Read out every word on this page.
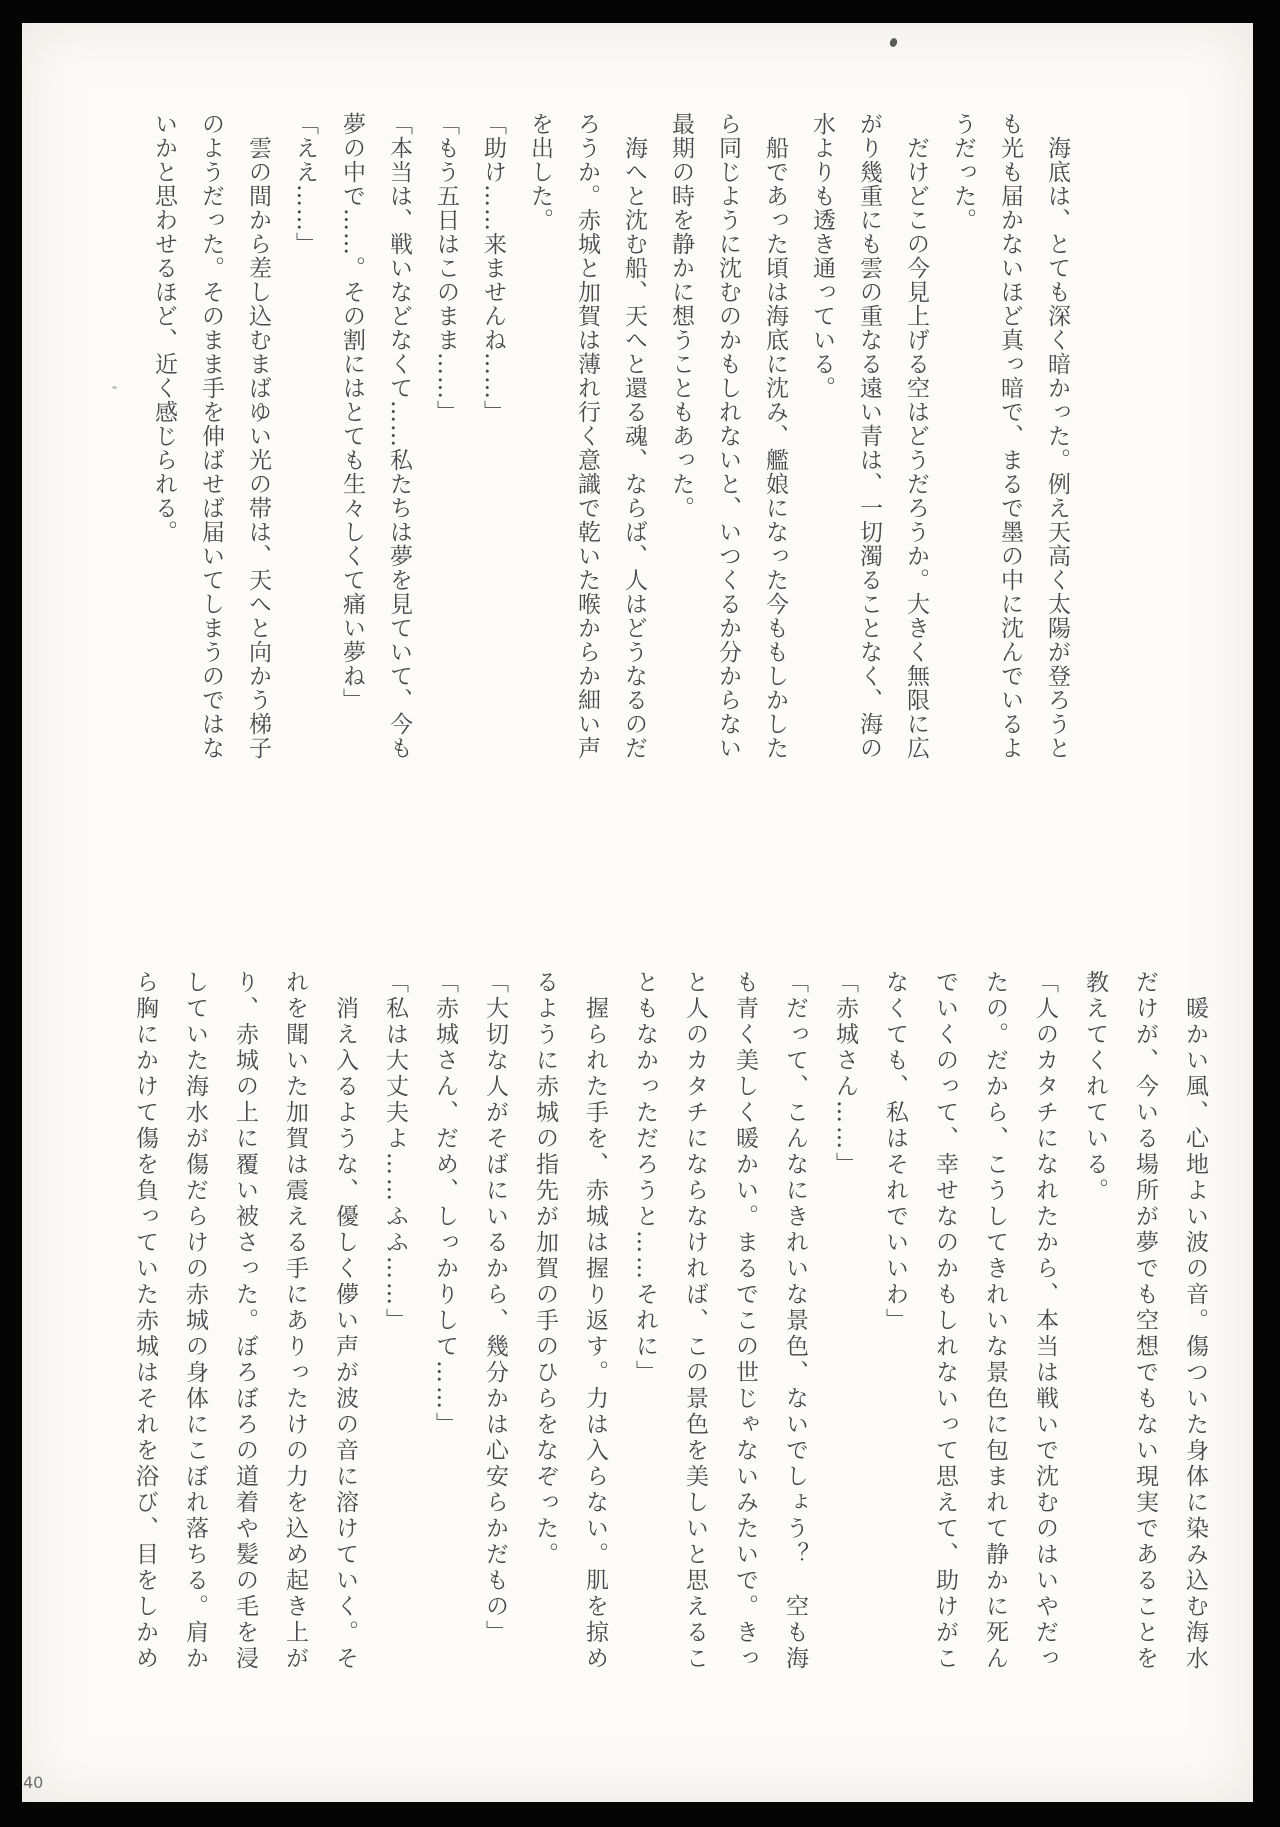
　海底は、とても深く暗かった。例え天高く太陽が登ろうと

も光も届かないほど真っ暗で、まるで墨の中に沈んでいるよ

うだった。

　だけどこの今見上げる空はどうだろうか。大きく無限に広

がり幾重にも雲の重なる遠い青は、一切濁ることなく、海の

水よりも透き通っている。

　船であった頃は海底に沈み、艦娘になった今ももしかした

ら同じように沈むのかもしれないと、いつくるか分からない

最期の時を静かに想うこともあった。

　海へと沈む船、天へと還る魂、ならば、人はどうなるのだ

ろうか。赤城と加賀は薄れ行く意識で乾いた喉からか細い声

を出した。

「助け……来ませんね……」

「もう五日はこのまま……」

「本当は、戦いなどなくて……私たちは夢を見ていて、今も

夢の中で……。その割にはとても生々しくて痛い夢ね」

「ええ……」

　雲の間から差し込むまばゆい光の帯は、天へと向かう梯子

のようだった。そのまま手を伸ばせば届いてしまうのではな

いかと思わせるほど、近く感じられる。

　暖かい風、心地よい波の音。傷ついた身体に染み込む海水

だけが、今いる場所が夢でも空想でもない現実であることを

教えてくれている。

「人のカタチになれたから、本当は戦いで沈むのはいやだっ

たの。だから、こうしてきれいな景色に包まれて静かに死ん

でいくのって、幸せなのかもしれないって思えて、助けがこ

なくても、私はそれでいいわ」

「赤城さん……」

「だって、こんなにきれいな景色、ないでしょう？　空も海

も青く美しく暖かい。まるでこの世じゃないみたいで。きっ

と人のカタチにならなければ、この景色を美しいと思えるこ

ともなかっただろうと……それに」

　握られた手を、赤城は握り返す。力は入らない。肌を掠め

るように赤城の指先が加賀の手のひらをなぞった。

「大切な人がそばにいるから、幾分かは心安らかだもの」

「赤城さん、だめ、しっかりして……」

「私は大丈夫よ……ふふ……」

　消え入るような、優しく儚い声が波の音に溶けていく。そ

れを聞いた加賀は震える手にありったけの力を込め起き上が

り、赤城の上に覆い被さった。ぼろぼろの道着や髪の毛を浸

していた海水が傷だらけの赤城の身体にこぼれ落ちる。肩か

ら胸にかけて傷を負っていた赤城はそれを浴び、目をしかめ

40
